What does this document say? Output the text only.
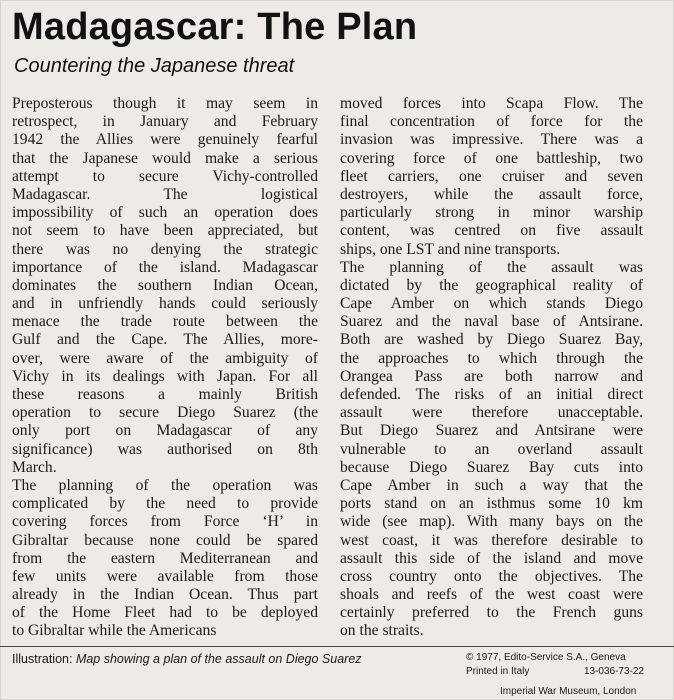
Madagascar: The Plan
Countering the Japanese threat
Preposterous though it may seem in
retrospect, in January and February
1942 the Allies were genuinely fearful
that the Japanese would make a serious
attempt to secure Vichy-controlled
Madagascar. The logistical
impossibility of such an operation does
not seem to have been appreciated, but
there was no denying the strategic
importance of the island. Madagascar
dominates the southern Indian Ocean,
and in unfriendly hands could seriously
menace the trade route between the
Gulf and the Cape. The Allies, more-
over, were aware of the ambiguity of
Vichy in its dealings with Japan. For all
these reasons a mainly British
operation to secure Diego Suarez (the
only port on Madagascar of any
significance) was authorised on 8th
March.
The planning of the operation was
complicated by the need to provide
covering forces from Force ‘H’ in
Gibraltar because none could be spared
from the eastern Mediterranean and
few units were available from those
already in the Indian Ocean. Thus part
of the Home Fleet had to be deployed
to Gibraltar while the Americans
moved forces into Scapa Flow. The
final concentration of force for the
invasion was impressive. There was a
covering force of one battleship, two
fleet carriers, one cruiser and seven
destroyers, while the assault force,
particularly strong in minor warship
content, was centred on five assault
ships, one LST and nine transports.
The planning of the assault was
dictated by the geographical reality of
Cape Amber on which stands Diego
Suarez and the naval base of Antsirane.
Both are washed by Diego Suarez Bay,
the approaches to which through the
Orangea Pass are both narrow and
defended. The risks of an initial direct
assault were therefore unacceptable.
But Diego Suarez and Antsirane were
vulnerable to an overland assault
because Diego Suarez Bay cuts into
Cape Amber in such a way that the
ports stand on an isthmus some 10 km
wide (see map). With many bays on the
west coast, it was therefore desirable to
assault this side of the island and move
cross country onto the objectives. The
shoals and reefs of the west coast were
certainly preferred to the French guns
on the straits.
Illustration: Map showing a plan of the assault on Diego Suarez	© 1977, Edito-Service S.A., Geneva
Printed in Italy	13-036-73-22
Imperial War Museum, London
